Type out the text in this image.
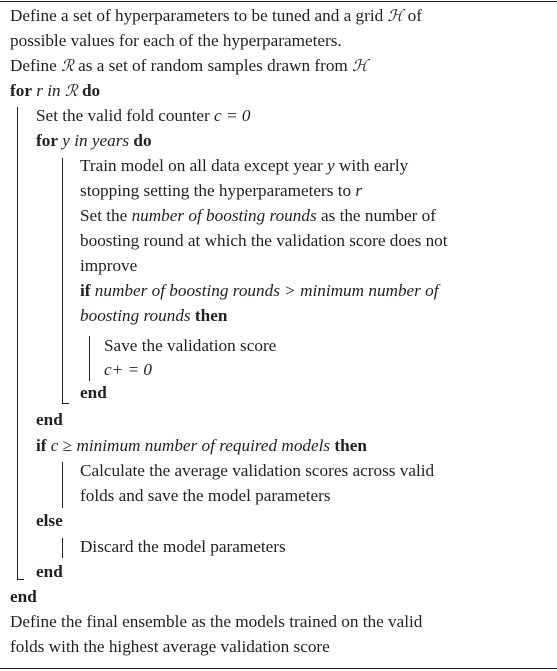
Define a set of hyperparameters to be tuned and a grid ℋ of
possible values for each of the hyperparameters.
Define ℛ as a set of random samples drawn from ℋ
for r in ℛ do
Set the valid fold counter c = 0
for y in years do
Train model on all data except year y with early
stopping setting the hyperparameters to r
Set the number of boosting rounds as the number of
boosting round at which the validation score does not
improve
if number of boosting rounds > minimum number of
boosting rounds then
Save the validation score
c+ = 0
end
end
if c ≥ minimum number of required models then
Calculate the average validation scores across valid
folds and save the model parameters
else
Discard the model parameters
end
end
Define the final ensemble as the models trained on the valid
folds with the highest average validation score
